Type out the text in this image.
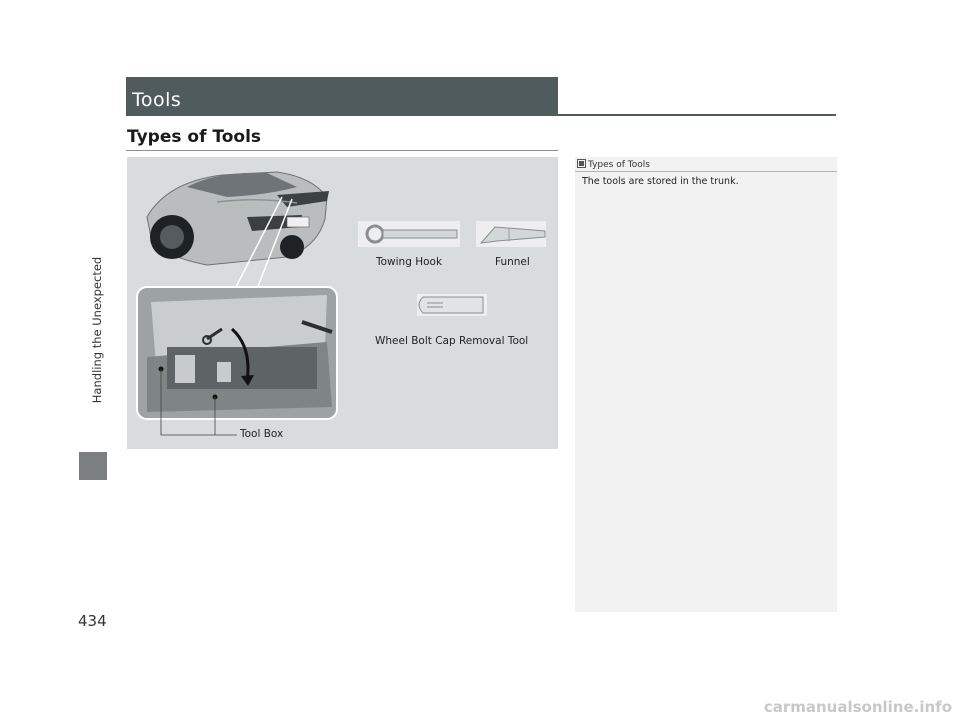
Handling the Unexpected
434
Tools
Types of Tools
Towing Hook	Funnel
Wheel Bolt Cap Removal Tool
Tool Box
Types of Tools
The tools are stored in the trunk.
carmanualsonline.info
